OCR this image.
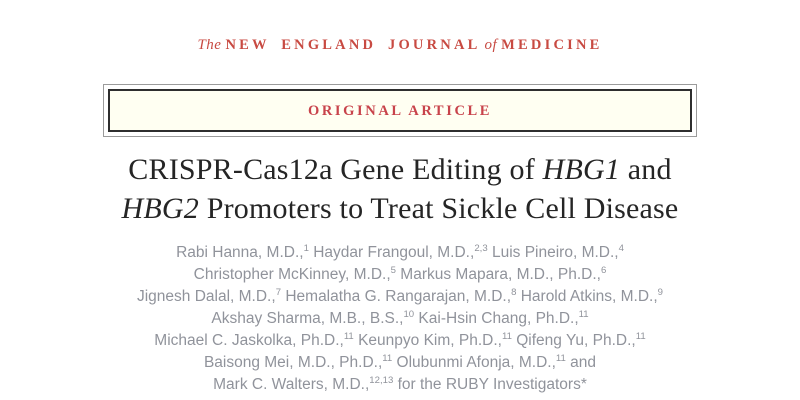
The NEW ENGLAND JOURNAL of MEDICINE
ORIGINAL ARTICLE
CRISPR-Cas12a Gene Editing of HBG1 and
HBG2 Promoters to Treat Sickle Cell Disease
Rabi Hanna, M.D.,$^1$ Haydar Frangoul, M.D.,$^{2,3}$ Luis Pineiro, M.D.,$^4$
Christopher McKinney, M.D.,$^5$ Markus Mapara, M.D., Ph.D.,$^6$
Jignesh Dalal, M.D.,$^7$ Hemalatha G. Rangarajan, M.D.,$^8$ Harold Atkins, M.D.,$^9$
Akshay Sharma, M.B., B.S.,$^{10}$ Kai-Hsin Chang, Ph.D.,$^{11}$
Michael C. Jaskolka, Ph.D.,$^{11}$ Keunpyo Kim, Ph.D.,$^{11}$ Qifeng Yu, Ph.D.,$^{11}$
Baisong Mei, M.D., Ph.D.,$^{11}$ Olubunmi Afonja, M.D.,$^{11}$ and
Mark C. Walters, M.D.,$^{12,13}$ for the RUBY Investigators*
